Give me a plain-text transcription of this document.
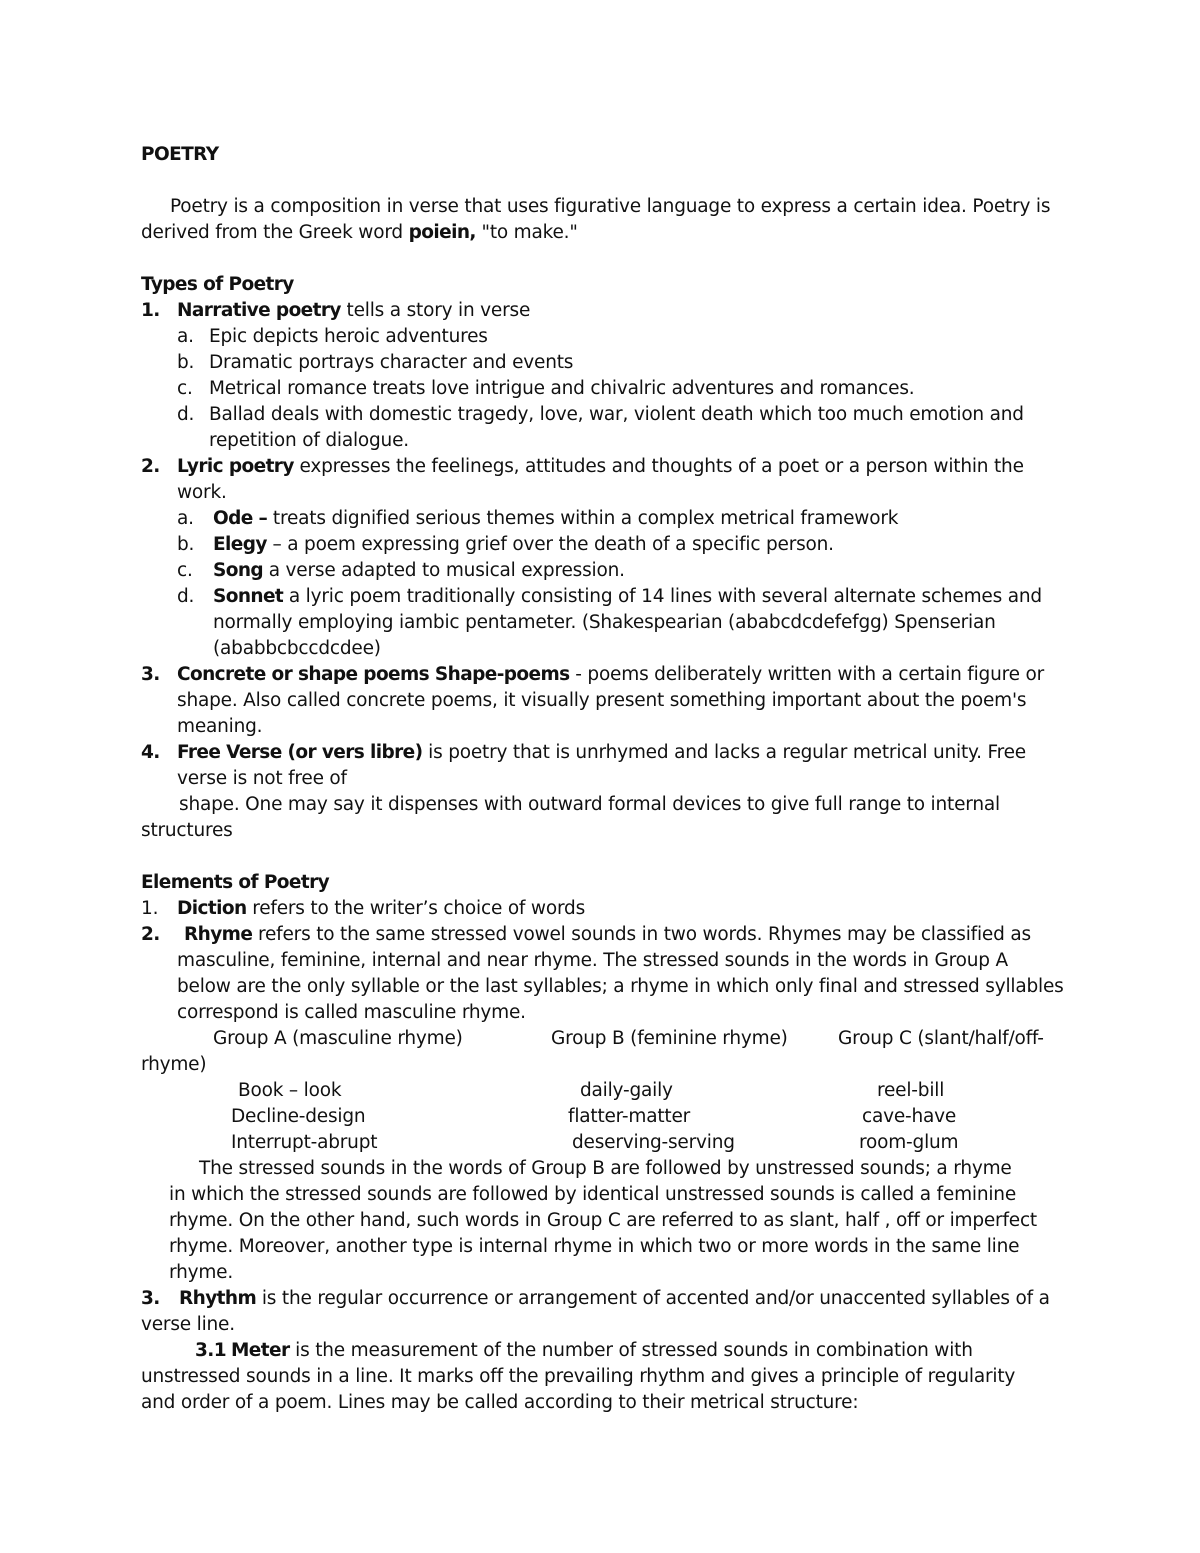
POETRY
Poetry is a composition in verse that uses figurative language to express a certain idea. Poetry is
derived from the Greek word poiein, "to make."
Types of Poetry
1. Narrative poetry tells a story in verse
a. Epic depicts heroic adventures
b. Dramatic portrays character and events
c. Metrical romance treats love intrigue and chivalric adventures and romances.
d. Ballad deals with domestic tragedy, love, war, violent death which too much emotion and
repetition of dialogue.
2. Lyric poetry expresses the feelinegs, attitudes and thoughts of a poet or a person within the
work.
a. Ode – treats dignified serious themes within a complex metrical framework
b. Elegy – a poem expressing grief over the death of a specific person.
c. Song a verse adapted to musical expression.
d. Sonnet a lyric poem traditionally consisting of 14 lines with several alternate schemes and
normally employing iambic pentameter. (Shakespearian (ababcdcdefefgg) Spenserian
(ababbcbccdcdee)
3. Concrete or shape poems Shape-poems - poems deliberately written with a certain figure or
shape. Also called concrete poems, it visually present something important about the poem's
meaning.
4. Free Verse (or vers libre) is poetry that is unrhymed and lacks a regular metrical unity. Free
verse is not free of
shape. One may say it dispenses with outward formal devices to give full range to internal
structures
Elements of Poetry
1. Diction refers to the writer’s choice of words
2. Rhyme refers to the same stressed vowel sounds in two words. Rhymes may be classified as
masculine, feminine, internal and near rhyme. The stressed sounds in the words in Group A
below are the only syllable or the last syllables; a rhyme in which only final and stressed syllables
correspond is called masculine rhyme.
Group A (masculine rhyme)	Group B (feminine rhyme)	Group C (slant/half/off-
rhyme)
Book – look	daily-gaily	reel-bill
Decline-design	flatter-matter	cave-have
Interrupt-abrupt	deserving-serving	room-glum
The stressed sounds in the words of Group B are followed by unstressed sounds; a rhyme
in which the stressed sounds are followed by identical unstressed sounds is called a feminine
rhyme. On the other hand, such words in Group C are referred to as slant, half , off or imperfect
rhyme. Moreover, another type is internal rhyme in which two or more words in the same line
rhyme.
3. Rhythm is the regular occurrence or arrangement of accented and/or unaccented syllables of a
verse line.
3.1 Meter is the measurement of the number of stressed sounds in combination with
unstressed sounds in a line. It marks off the prevailing rhythm and gives a principle of regularity
and order of a poem. Lines may be called according to their metrical structure:
